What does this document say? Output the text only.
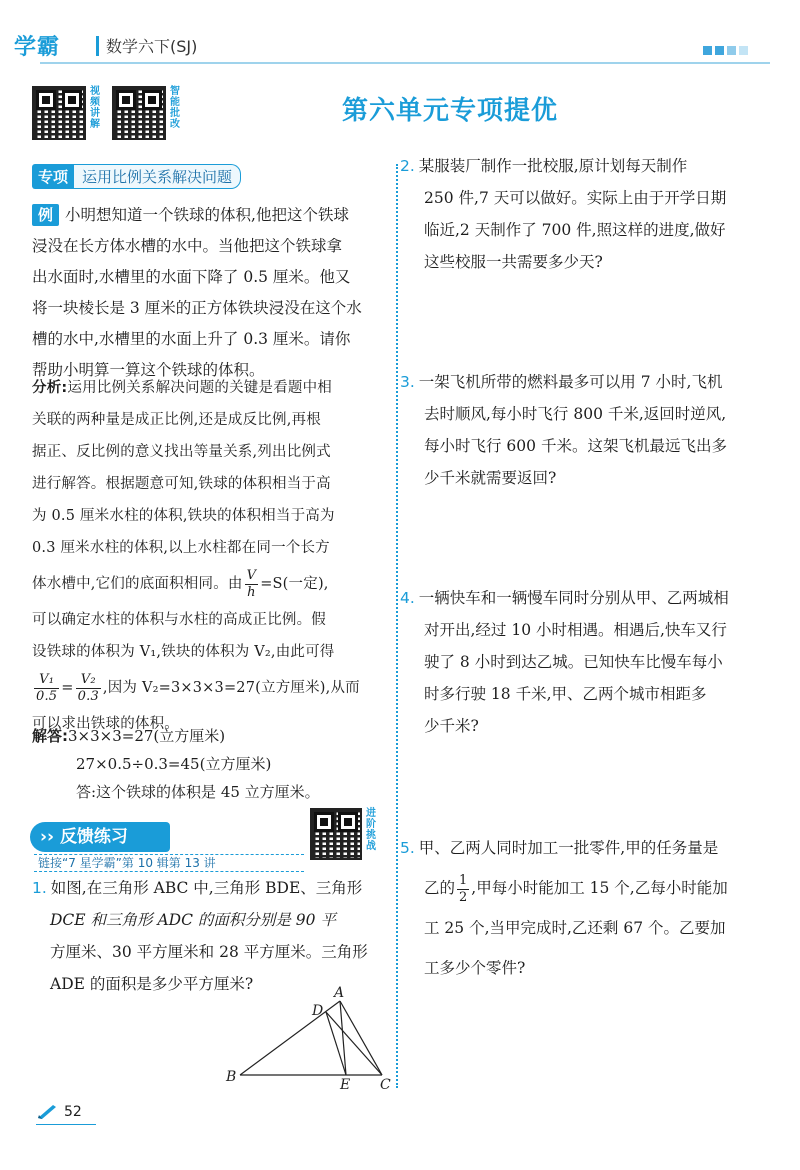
学霸	数学六下(SJ)
视频讲解
智能批改	第六单元专项提优
专项 运用比例关系解决问题
例 小明想知道一个铁球的体积,他把这个铁球
浸没在长方体水槽的水中。当他把这个铁球拿
出水面时,水槽里的水面下降了 0.5 厘米。他又
将一块棱长是 3 厘米的正方体铁块浸没在这个水
槽的水中,水槽里的水面上升了 0.3 厘米。请你
帮助小明算一算这个铁球的体积。
分析:运用比例关系解决问题的关键是看题中相
关联的两种量是成正比例,还是成反比例,再根
据正、反比例的意义找出等量关系,列出比例式
进行解答。根据题意可知,铁球的体积相当于高
为 0.5 厘米水柱的体积,铁块的体积相当于高为
0.3 厘米水柱的体积,以上水柱都在同一个长方
体水槽中,它们的底面积相同。由 $\frac{V}{h} =S$(一定),
可以确定水柱的体积与水柱的高成正比例。假
设铁球的体积为 V₁,铁块的体积为 V₂,由此可得
$\frac{\text{V₁}}{0.5} = \frac{\text{V₂}}{0.3}$ ,因为 V₂=3×3×3=27(立方厘米),从而
可以求出铁球的体积。
解答:3×3×3=27(立方厘米)
27×0.5÷0.3=45(立方厘米)
答:这个铁球的体积是 45 立方厘米。
›› 反馈练习
链接“7 星学霸”第 10 辑第 13 讲
进阶挑战
1. 如图,在三角形 ABC 中,三角形 BDE、三角形
DCE 和三角形 ADC 的面积分别是 90 平
方厘米、30 平方厘米和 28 平方厘米。三角形
ADE 的面积是多少平方厘米?	A
D
B	E C
2. 某服装厂制作一批校服,原计划每天制作
250 件,7 天可以做好。实际上由于开学日期
临近,2 天制作了 700 件,照这样的进度,做好
这些校服一共需要多少天?
3. 一架飞机所带的燃料最多可以用 7 小时,飞机
去时顺风,每小时飞行 800 千米,返回时逆风,
每小时飞行 600 千米。这架飞机最远飞出多
少千米就需要返回?
4. 一辆快车和一辆慢车同时分别从甲、乙两城相
对开出,经过 10 小时相遇。相遇后,快车又行
驶了 8 小时到达乙城。已知快车比慢车每小
时多行驶 18 千米,甲、乙两个城市相距多
少千米?
5. 甲、乙两人同时加工一批零件,甲的任务量是
乙的 $\frac{1}{2}$ ,甲每小时能加工 15 个,乙每小时能加
工 25 个,当甲完成时,乙还剩 67 个。乙要加
工多少个零件?
52
